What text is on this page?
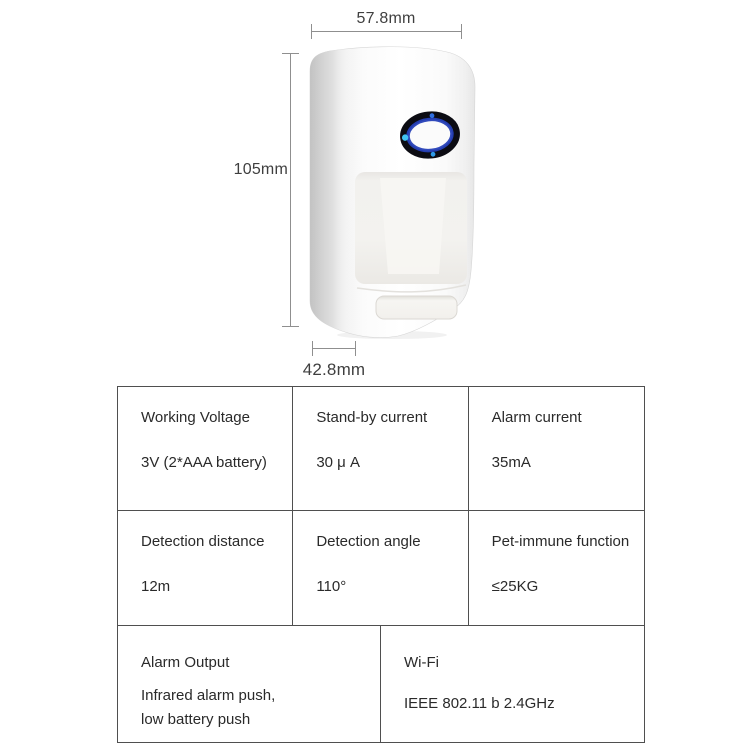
57.8mm
105mm
42.8mm
Working Voltage
3V (2*AAA battery)
Stand-by current
30 μ A
Alarm current
35mA
Detection distance
12m
Detection angle
110°
Pet-immune function
≤25KG
Alarm Output
Infrared alarm push,
low battery push
Wi-Fi
IEEE 802.11 b 2.4GHz
